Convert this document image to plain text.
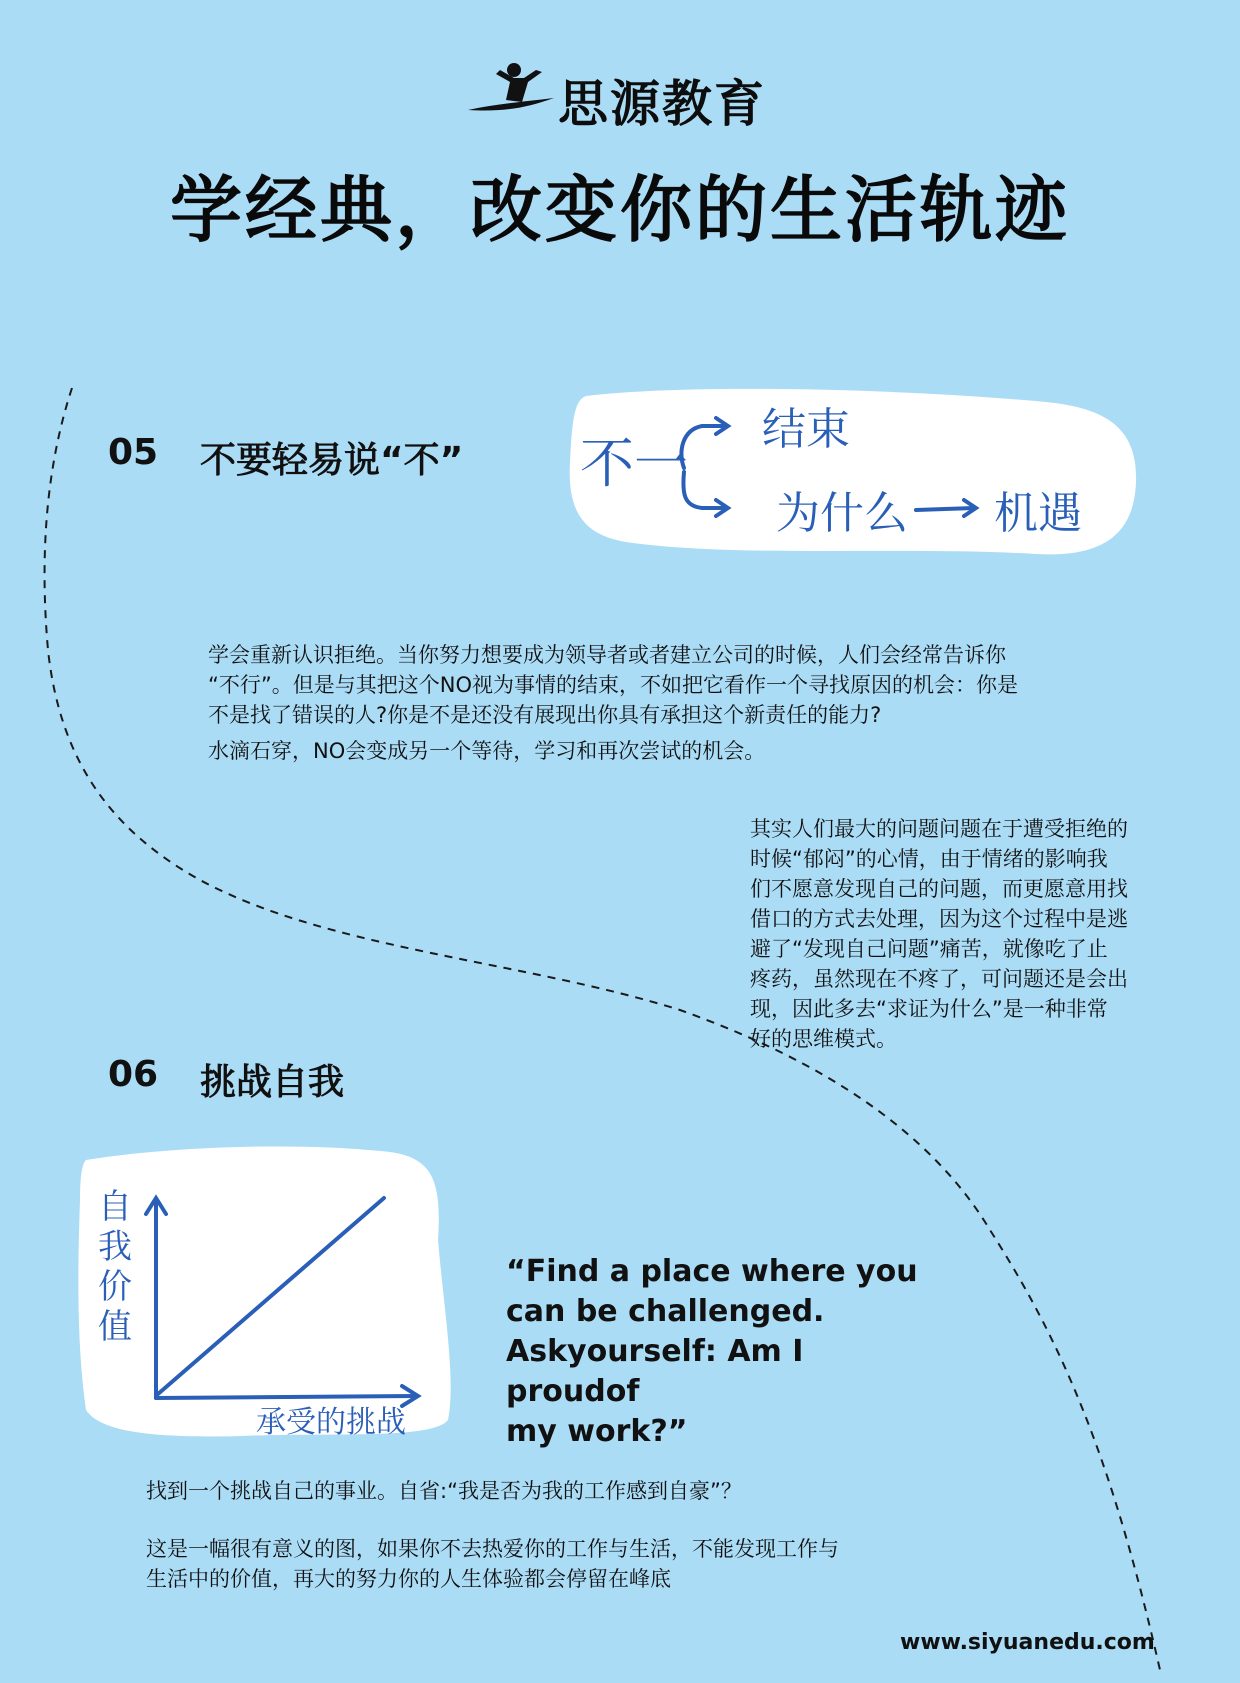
思源教育
学经典，改变你的生活轨迹
05 不要轻易说“不” 不一
结束
为什么 机遇
学会重新认识拒绝。当你努力想要成为领导者或者建立公司的时候，人们会经常告诉你
“不行”。但是与其把这个NO视为事情的结束，不如把它看作一个寻找原因的机会：你是
不是找了错误的人?你是不是还没有展现出你具有承担这个新责任的能力?
水滴石穿，NO会变成另一个等待，学习和再次尝试的机会。
其实人们最大的问题问题在于遭受拒绝的
时候“郁闷”的心情，由于情绪的影响我
们不愿意发现自己的问题，而更愿意用找
借口的方式去处理，因为这个过程中是逃
避了“发现自己问题”痛苦，就像吃了止
疼药，虽然现在不疼了，可问题还是会出
现，因此多去“求证为什么”是一种非常
好的思维模式。
06 挑战自我
自 我 价 值
承受的挑战
“Find a place where you
can be challenged.
Askyourself: Am I proudof
my work?”
找到一个挑战自己的事业。自省:“我是否为我的工作感到自豪”？
这是一幅很有意义的图，如果你不去热爱你的工作与生活，不能发现工作与
生活中的价值，再大的努力你的人生体验都会停留在峰底
www.siyuanedu.com
